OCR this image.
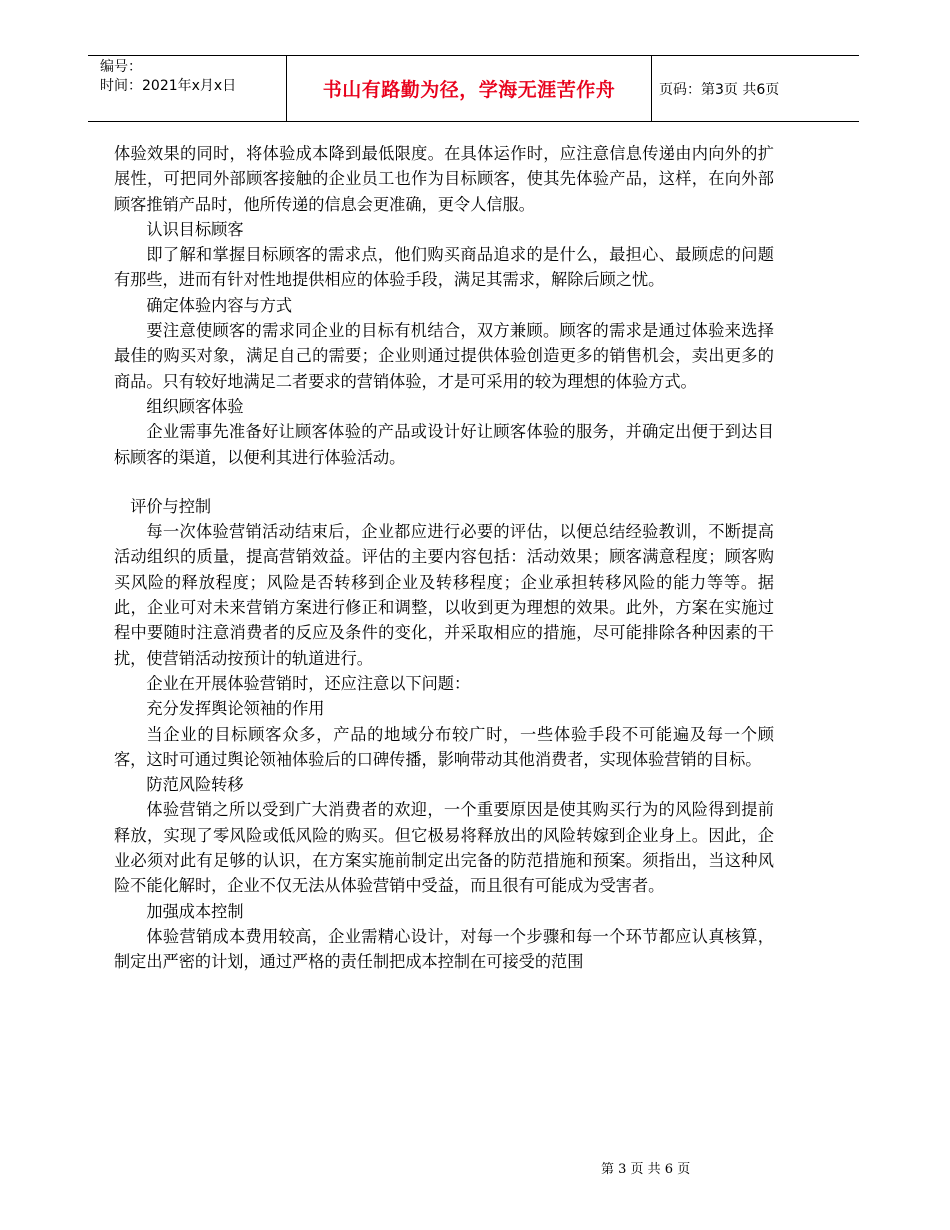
编号：
时间：2021年x月x日	书山有路勤为径，学海无涯苦作舟	页码：第3页 共6页

体验效果的同时，将体验成本降到最低限度。在具体运作时，应注意信息传递由内向外的扩展性，可把同外部顾客接触的企业员工也作为目标顾客，使其先体验产品，这样，在向外部顾客推销产品时，他所传递的信息会更准确，更令人信服。

认识目标顾客

即了解和掌握目标顾客的需求点，他们购买商品追求的是什么，最担心、最顾虑的问题有那些，进而有针对性地提供相应的体验手段，满足其需求，解除后顾之忧。

确定体验内容与方式

要注意使顾客的需求同企业的目标有机结合，双方兼顾。顾客的需求是通过体验来选择最佳的购买对象，满足自己的需要；企业则通过提供体验创造更多的销售机会，卖出更多的商品。只有较好地满足二者要求的营销体验，才是可采用的较为理想的体验方式。

组织顾客体验

企业需事先准备好让顾客体验的产品或设计好让顾客体验的服务，并确定出便于到达目标顾客的渠道，以便利其进行体验活动。

评价与控制

每一次体验营销活动结束后，企业都应进行必要的评估，以便总结经验教训，不断提高活动组织的质量，提高营销效益。评估的主要内容包括：活动效果；顾客满意程度；顾客购买风险的释放程度；风险是否转移到企业及转移程度；企业承担转移风险的能力等等。据此，企业可对未来营销方案进行修正和调整，以收到更为理想的效果。此外，方案在实施过程中要随时注意消费者的反应及条件的变化，并采取相应的措施，尽可能排除各种因素的干扰，使营销活动按预计的轨道进行。

企业在开展体验营销时，还应注意以下问题：

充分发挥舆论领袖的作用

当企业的目标顾客众多，产品的地域分布较广时，一些体验手段不可能遍及每一个顾客，这时可通过舆论领袖体验后的口碑传播，影响带动其他消费者，实现体验营销的目标。

防范风险转移

体验营销之所以受到广大消费者的欢迎，一个重要原因是使其购买行为的风险得到提前释放，实现了零风险或低风险的购买。但它极易将释放出的风险转嫁到企业身上。因此，企业必须对此有足够的认识，在方案实施前制定出完备的防范措施和预案。须指出，当这种风险不能化解时，企业不仅无法从体验营销中受益，而且很有可能成为受害者。

加强成本控制

体验营销成本费用较高，企业需精心设计，对每一个步骤和每一个环节都应认真核算，制定出严密的计划，通过严格的责任制把成本控制在可接受的范围

第 3 页 共 6 页
